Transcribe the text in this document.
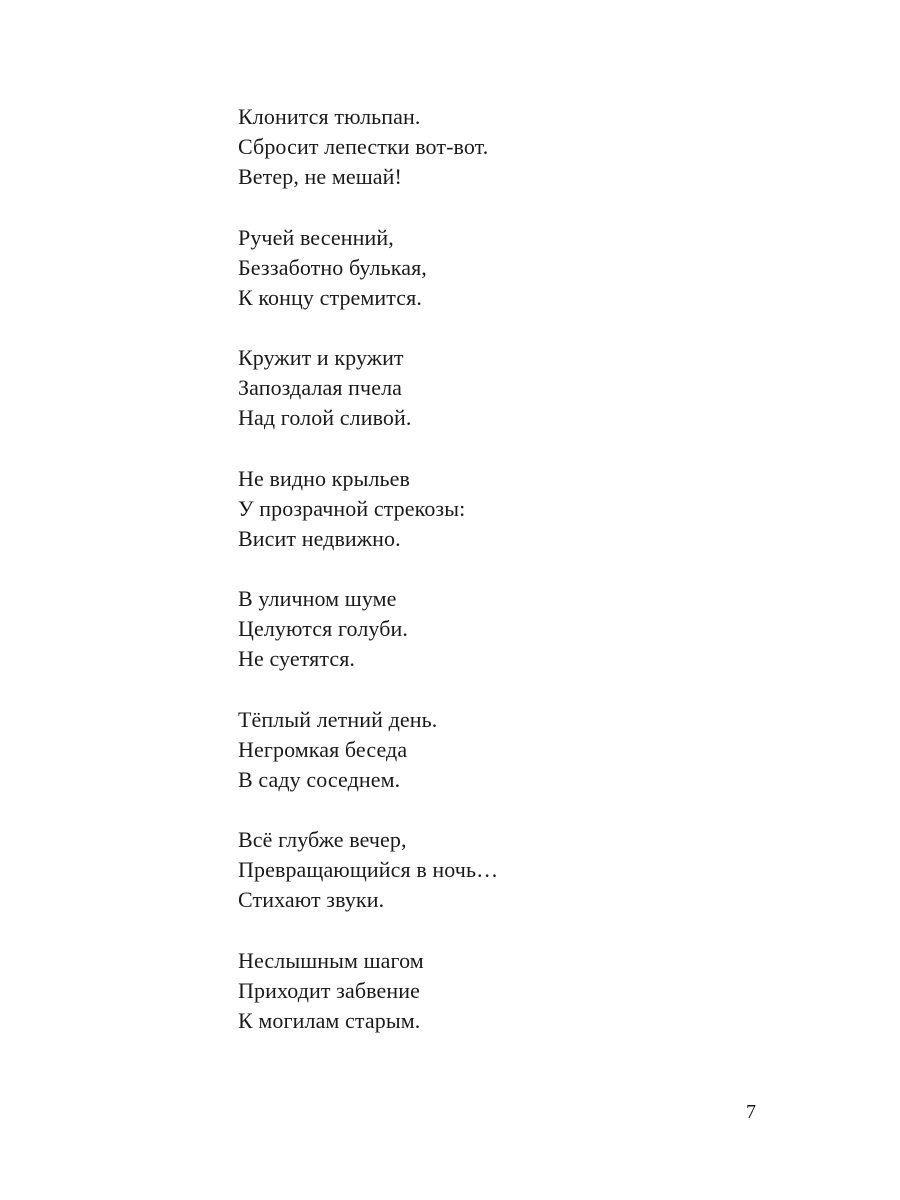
Клонится тюльпан.
Сбросит лепестки вот-вот.
Ветер, не мешай!
Ручей весенний,
Беззаботно булькая,
К концу стремится.
Кружит и кружит
Запоздалая пчела
Над голой сливой.
Не видно крыльев
У прозрачной стрекозы:
Висит недвижно.
В уличном шуме
Целуются голуби.
Не суетятся.
Тёплый летний день.
Негромкая беседа
В саду соседнем.
Всё глубже вечер,
Превращающийся в ночь…
Стихают звуки.
Неслышным шагом
Приходит забвение
К могилам старым.
7
